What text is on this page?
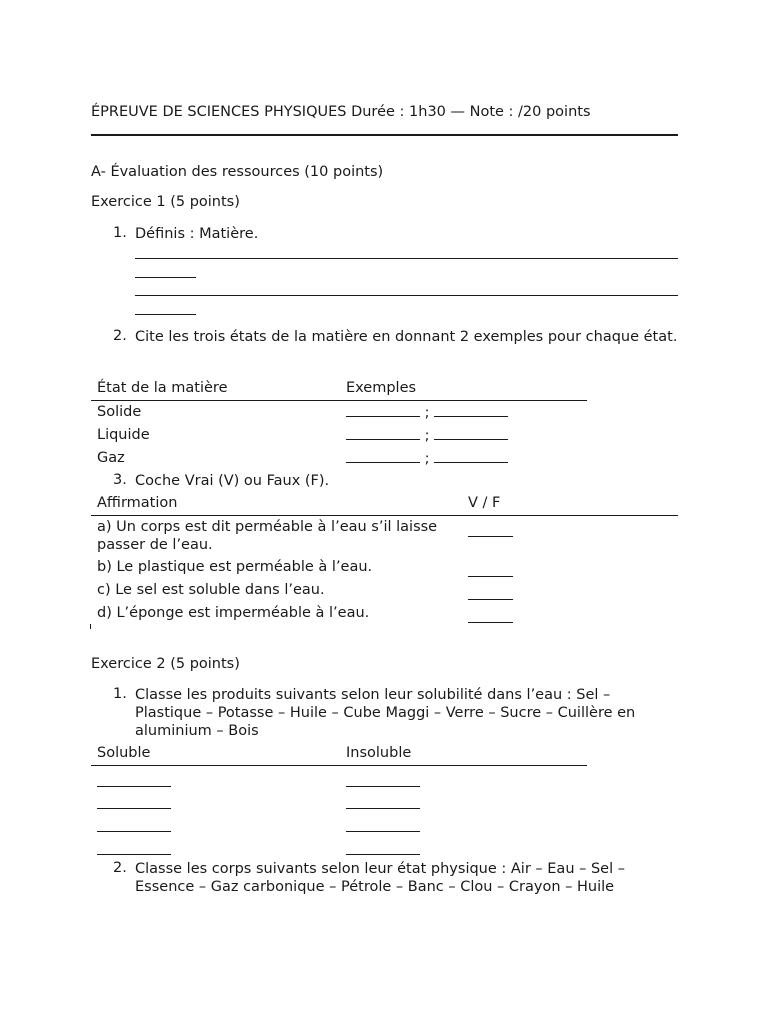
ÉPREUVE DE SCIENCES PHYSIQUES Durée : 1h30 — Note : /20 points
A- Évaluation des ressources (10 points)
Exercice 1 (5 points)
1. Définis : Matière.
2. Cite les trois états de la matière en donnant 2 exemples pour chaque état.
État de la matière	Exemples
Solide	;
Liquide	;
Gaz	;
3. Coche Vrai (V) ou Faux (F).
Affirmation	V / F
a) Un corps est dit perméable à l’eau s’il laisse passer de l’eau.
b) Le plastique est perméable à l’eau.
c) Le sel est soluble dans l’eau.
d) L’éponge est imperméable à l’eau.
Exercice 2 (5 points)
1. Classe les produits suivants selon leur solubilité dans l’eau : Sel – Plastique – Potasse – Huile – Cube Maggi – Verre – Sucre – Cuillère en aluminium – Bois
Soluble	Insoluble
2. Classe les corps suivants selon leur état physique : Air – Eau – Sel – Essence – Gaz carbonique – Pétrole – Banc – Clou – Crayon – Huile
